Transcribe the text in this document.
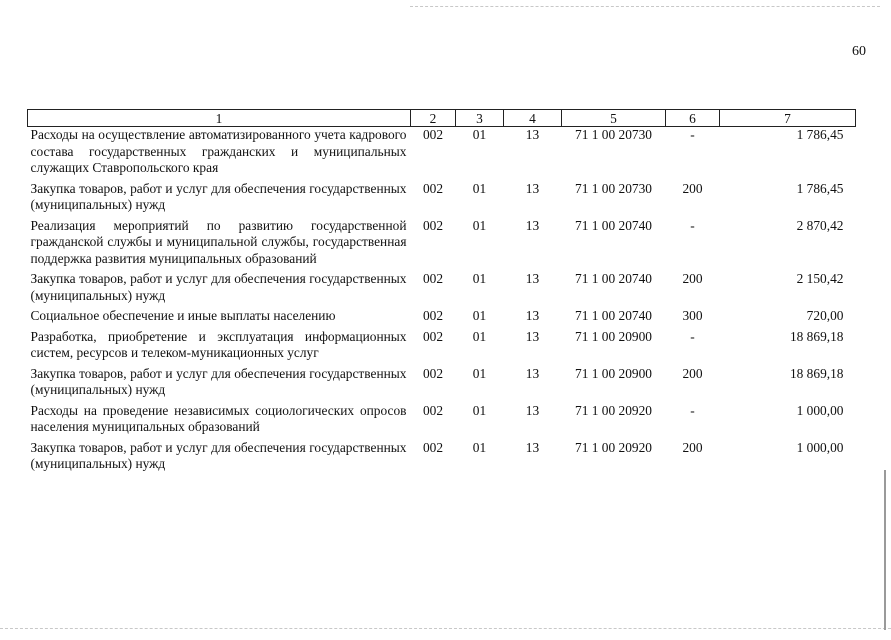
60
1	2	3	4	5	6	7
Расходы на осуществление автоматизированного учета кадрового состава государственных гражданских и муниципальных служащих Ставропольского края	002	01	13	71 1 00 20730	-	1 786,45
Закупка товаров, работ и услуг для обеспечения государственных (муниципальных) нужд	002	01	13	71 1 00 20730	200	1 786,45
Реализация мероприятий по развитию государственной гражданской службы и муниципальной службы, государственная поддержка развития муниципальных образований	002	01	13	71 1 00 20740	-	2 870,42
Закупка товаров, работ и услуг для обеспечения государственных (муниципальных) нужд	002	01	13	71 1 00 20740	200	2 150,42
Социальное обеспечение и иные выплаты населению	002	01	13	71 1 00 20740	300	720,00
Разработка, приобретение и эксплуатация информационных систем, ресурсов и телеком-муникационных услуг	002	01	13	71 1 00 20900	-	18 869,18
Закупка товаров, работ и услуг для обеспечения государственных (муниципальных) нужд	002	01	13	71 1 00 20900	200	18 869,18
Расходы на проведение независимых социологических опросов населения муниципальных образований	002	01	13	71 1 00 20920	-	1 000,00
Закупка товаров, работ и услуг для обеспечения государственных (муниципальных) нужд	002	01	13	71 1 00 20920	200	1 000,00
